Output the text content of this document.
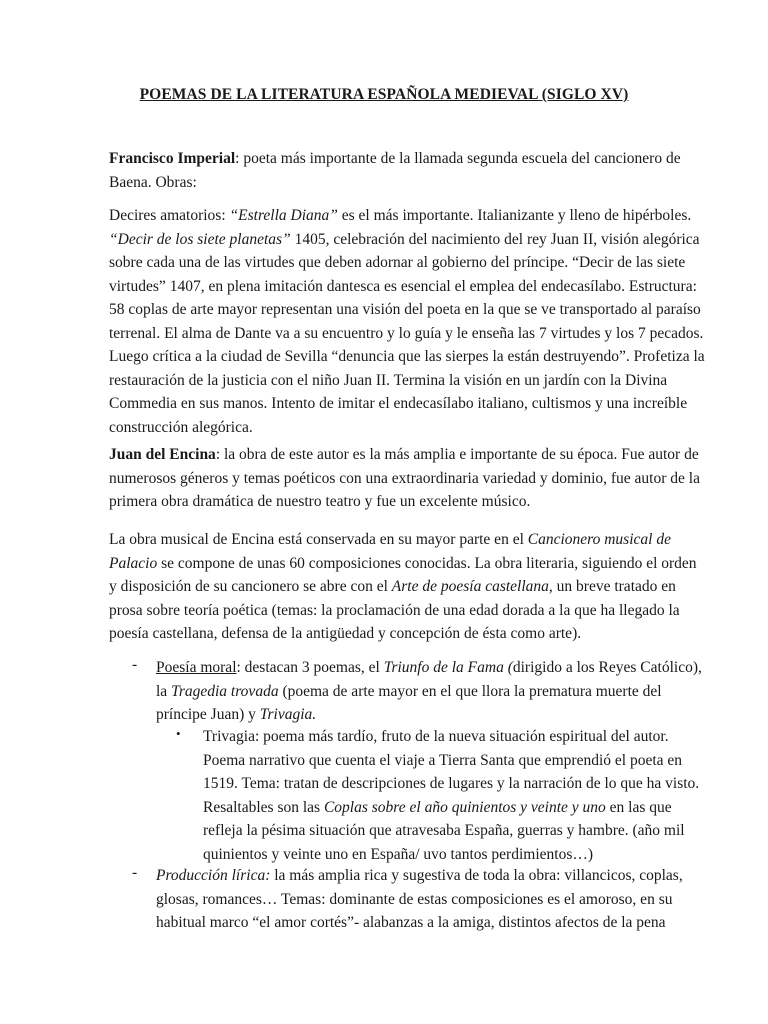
POEMAS DE LA LITERATURA ESPAÑOLA MEDIEVAL (SIGLO XV)
Francisco Imperial: poeta más importante de la llamada segunda escuela del cancionero de
Baena. Obras:
Decires amatorios: “Estrella Diana” es el más importante. Italianizante y lleno de hipérboles.
“Decir de los siete planetas” 1405, celebración del nacimiento del rey Juan II, visión alegórica
sobre cada una de las virtudes que deben adornar al gobierno del príncipe. “Decir de las siete
virtudes” 1407, en plena imitación dantesca es esencial el emplea del endecasílabo. Estructura:
58 coplas de arte mayor representan una visión del poeta en la que se ve transportado al paraíso
terrenal. El alma de Dante va a su encuentro y lo guía y le enseña las 7 virtudes y los 7 pecados.
Luego crítica a la ciudad de Sevilla “denuncia que las sierpes la están destruyendo”. Profetiza la
restauración de la justicia con el niño Juan II. Termina la visión en un jardín con la Divina
Commedia en sus manos. Intento de imitar el endecasílabo italiano, cultismos y una increíble
construcción alegórica.
Juan del Encina: la obra de este autor es la más amplia e importante de su época. Fue autor de
numerosos géneros y temas poéticos con una extraordinaria variedad y dominio, fue autor de la
primera obra dramática de nuestro teatro y fue un excelente músico.
La obra musical de Encina está conservada en su mayor parte en el Cancionero musical de
Palacio se compone de unas 60 composiciones conocidas. La obra literaria, siguiendo el orden
y disposición de su cancionero se abre con el Arte de poesía castellana, un breve tratado en
prosa sobre teoría poética (temas: la proclamación de una edad dorada a la que ha llegado la
poesía castellana, defensa de la antigüedad y concepción de ésta como arte).
- Poesía moral: destacan 3 poemas, el Triunfo de la Fama (dirigido a los Reyes Católico),
la Tragedia trovada (poema de arte mayor en el que llora la prematura muerte del
príncipe Juan) y Trivagia.
• Trivagia: poema más tardío, fruto de la nueva situación espiritual del autor.
Poema narrativo que cuenta el viaje a Tierra Santa que emprendió el poeta en
1519. Tema: tratan de descripciones de lugares y la narración de lo que ha visto.
Resaltables son las Coplas sobre el año quinientos y veinte y uno en las que
refleja la pésima situación que atravesaba España, guerras y hambre. (año mil
quinientos y veinte uno en España/ uvo tantos perdimientos…)
- Producción lírica: la más amplia rica y sugestiva de toda la obra: villancicos, coplas,
glosas, romances… Temas: dominante de estas composiciones es el amoroso, en su
habitual marco “el amor cortés”- alabanzas a la amiga, distintos afectos de la pena
